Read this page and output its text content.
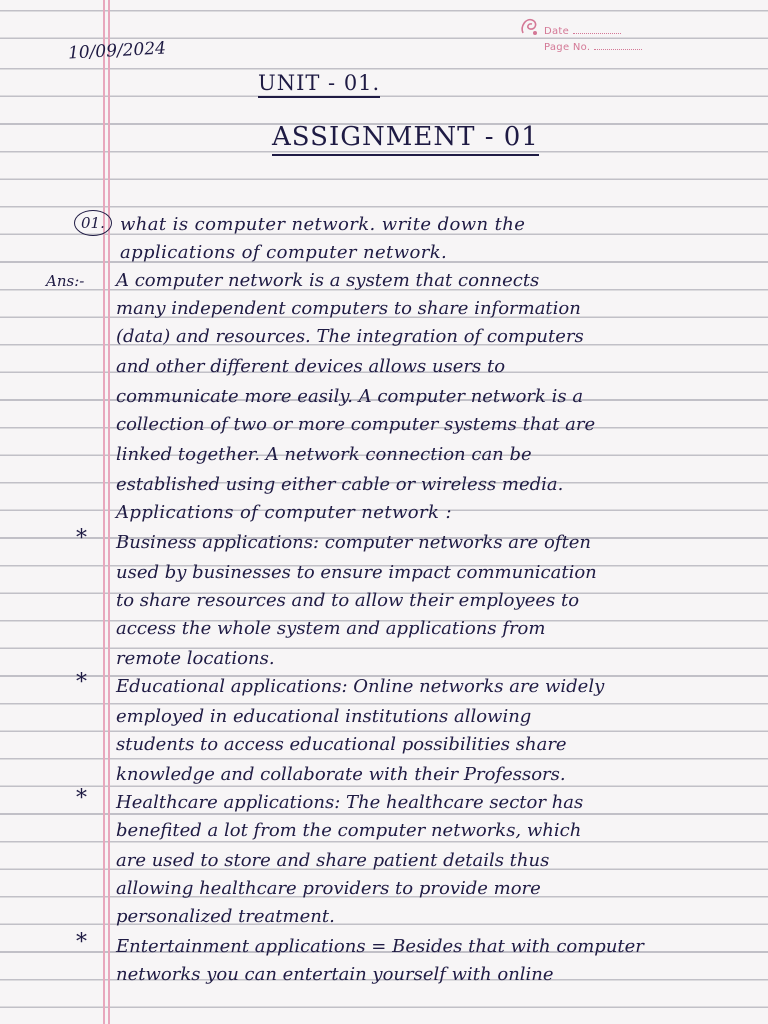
Date
Page No.
10/09/2024
UNIT - 01.
ASSIGNMENT - 01
01. what is computer network. write down the
applications of computer network.
Ans:- A computer network is a system that connects
many independent computers to share information
(data) and resources. The integration of computers
and other different devices allows users to
communicate more easily. A computer network is a
collection of two or more computer systems that are
linked together. A network connection can be
established using either cable or wireless media.
Applications of computer network :
* Business applications: computer networks are often
used by businesses to ensure impact communication
to share resources and to allow their employees to
access the whole system and applications from
remote locations.
* Educational applications: Online networks are widely
employed in educational institutions allowing
students to access educational possibilities share
knowledge and collaborate with their Professors.
* Healthcare applications: The healthcare sector has
benefited a lot from the computer networks, which
are used to store and share patient details thus
allowing healthcare providers to provide more
personalized treatment.
* Entertainment applications = Besides that with computer
networks you can entertain yourself with online
